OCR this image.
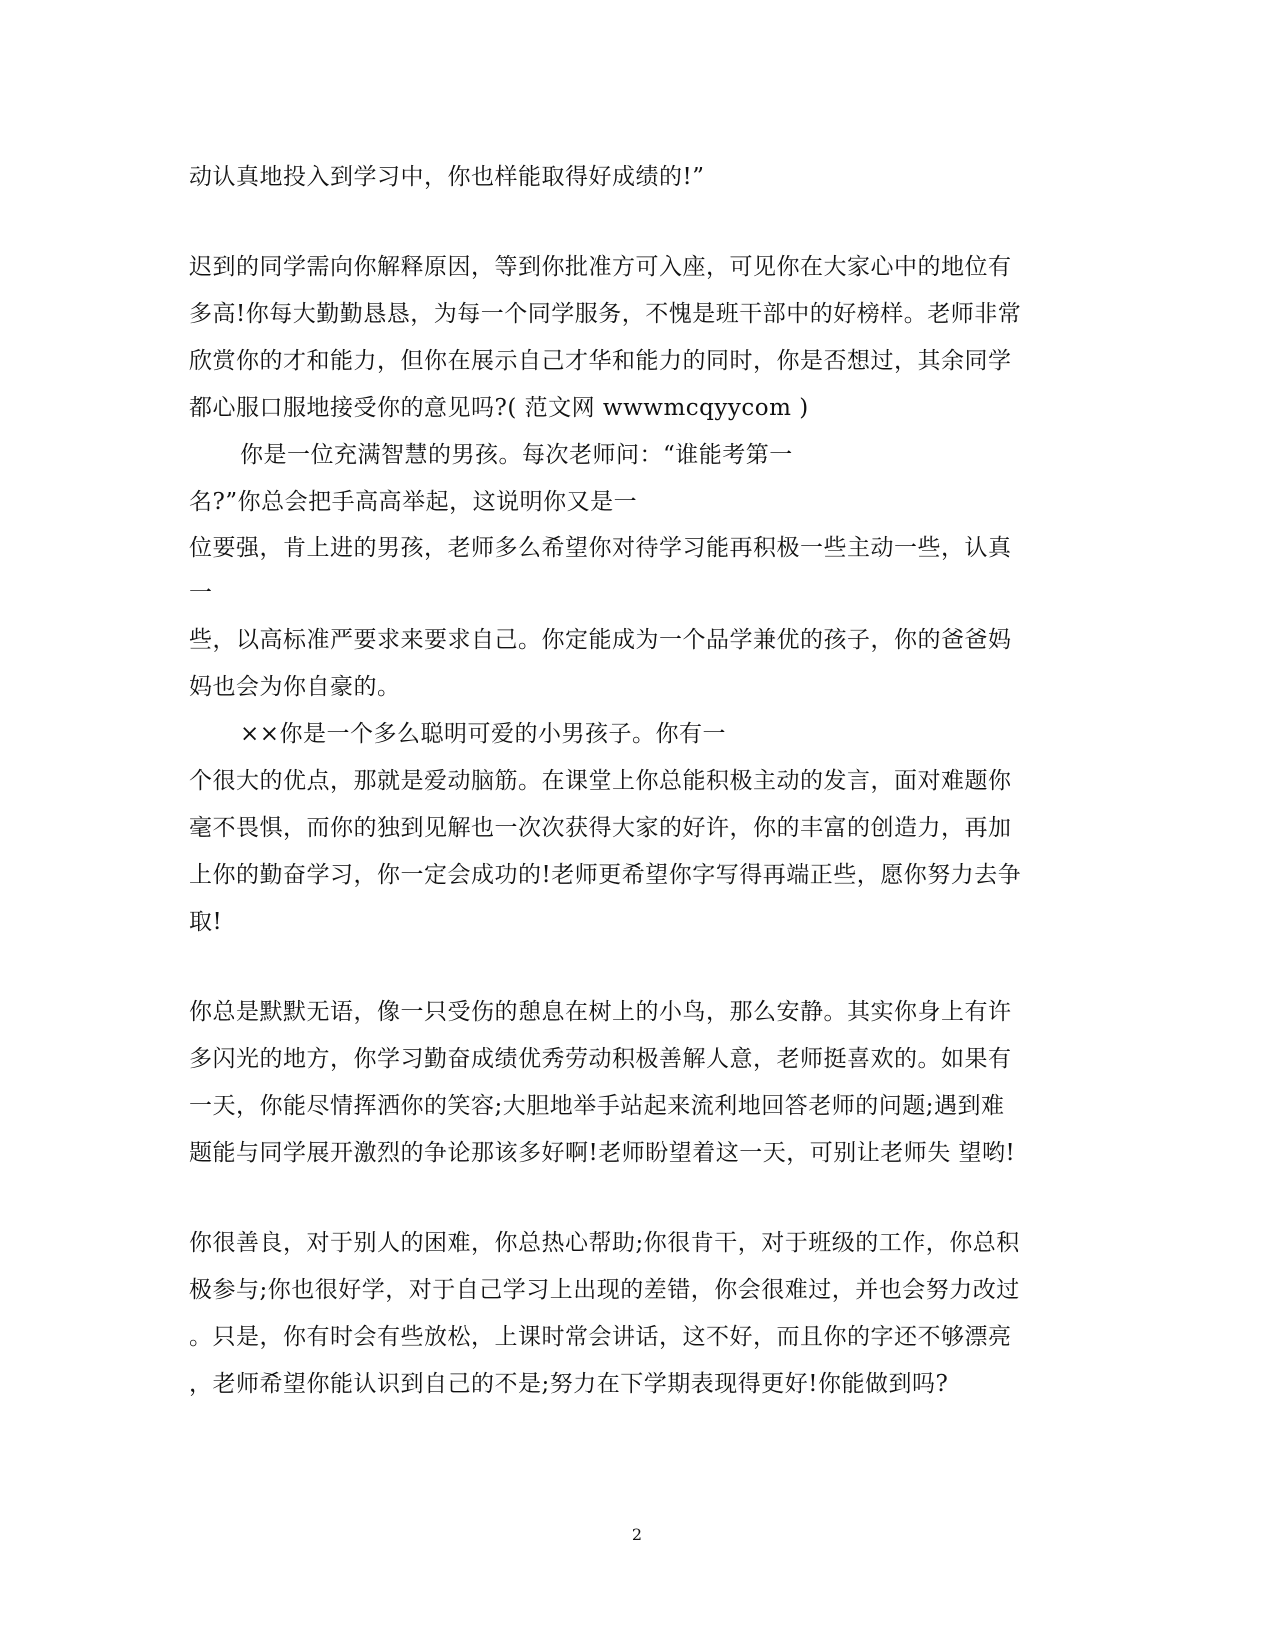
动认真地投入到学习中，你也样能取得好成绩的!”
迟到的同学需向你解释原因，等到你批准方可入座，可见你在大家心中的地位有
多高!你每大勤勤恳恳，为每一个同学服务，不愧是班干部中的好榜样。老师非常
欣赏你的才和能力，但你在展示自己才华和能力的同时，你是否想过，其余同学
都心服口服地接受你的意见吗?( 范文网 wwwmcqyycom )
你是一位充满智慧的男孩。每次老师问：“谁能考第一
名?”你总会把手高高举起，这说明你又是一
位要强，肯上进的男孩，老师多么希望你对待学习能再积极一些主动一些，认真
一
些，以高标准严要求来要求自己。你定能成为一个品学兼优的孩子，你的爸爸妈
妈也会为你自豪的。
××你是一个多么聪明可爱的小男孩子。你有一
个很大的优点，那就是爱动脑筋。在课堂上你总能积极主动的发言，面对难题你
毫不畏惧，而你的独到见解也一次次获得大家的好许，你的丰富的创造力，再加
上你的勤奋学习，你一定会成功的!老师更希望你字写得再端正些，愿你努力去争
取!
你总是默默无语，像一只受伤的憩息在树上的小鸟，那么安静。其实你身上有许
多闪光的地方，你学习勤奋成绩优秀劳动积极善解人意，老师挺喜欢的。如果有
一天，你能尽情挥洒你的笑容;大胆地举手站起来流利地回答老师的问题;遇到难
题能与同学展开激烈的争论那该多好啊!老师盼望着这一天，可别让老师失 望哟!
你很善良，对于别人的困难，你总热心帮助;你很肯干，对于班级的工作，你总积
极参与;你也很好学，对于自己学习上出现的差错，你会很难过，并也会努力改过
。只是，你有时会有些放松，上课时常会讲话，这不好，而且你的字还不够漂亮
，老师希望你能认识到自己的不是;努力在下学期表现得更好!你能做到吗?
2
